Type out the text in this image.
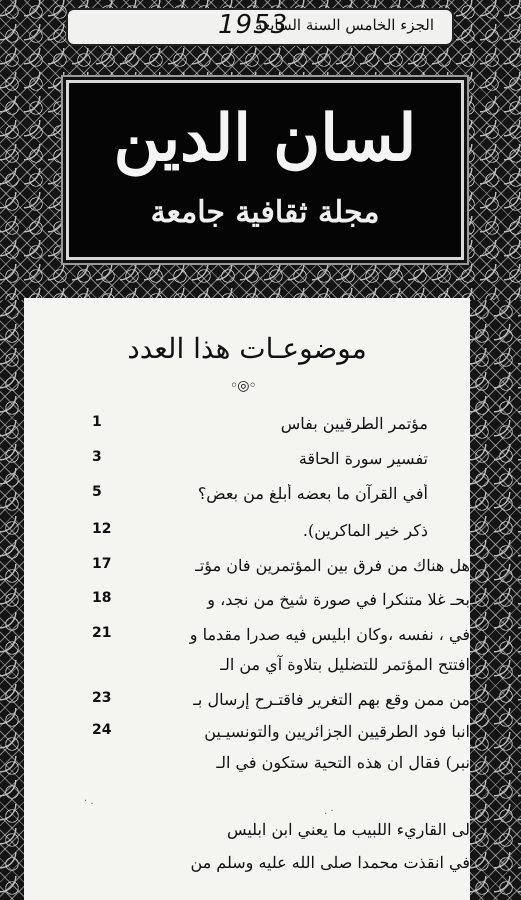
الجزء الخامس السنة السابعة
1953
لسان الدين
مجلة ثقافية جامعة
موضوعـات هذا العدد
◦◎◦
1	مؤتمر الطرقيين بفاس
3	تفسير سورة الحاقة
5	أفي القرآن ما بعضه أبلغ من بعض؟
12	ذكر خير الماكرين).
17	هل هناك من فرق بين المؤتمرين فان مؤتـ
18	بحـ غلا متنكرا في صورة شيخ من نجد، و
21	في ، نفسه ،وكان ابليس فيه صدرا مقدما و
افتتح المؤتمر للتضليل بتلاوة آي من الـ
23	من ممن وقع بهم التغرير فاقتـرح إرسال بـ
24	انبا فود الطرقيين الجزائريين والتونسيـين
نبر) فقال ان هذه التحية ستكون في الـ
· .
. ·
لى القاريء اللبيب ما يعني ابن ابليس
في انقذت محمدا صلى الله عليه وسلم من
